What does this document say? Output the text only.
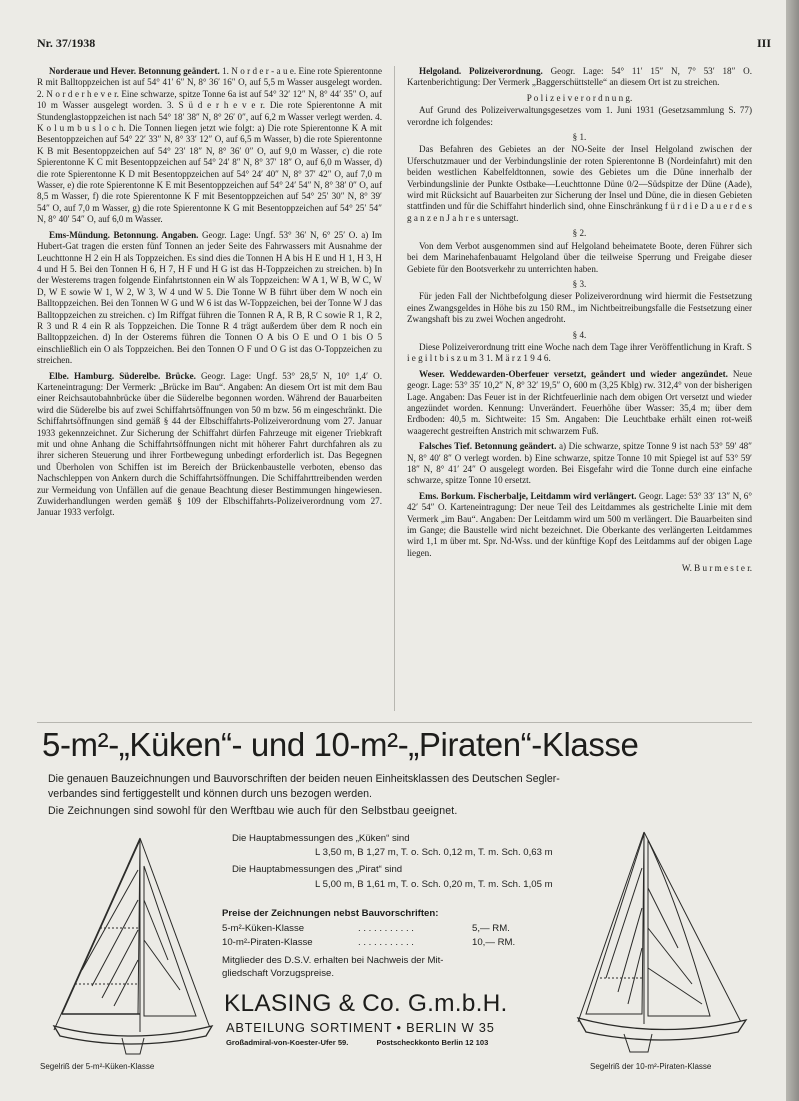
Nr. 37/1938	III

Norderaue und Hever. Betonnung geändert. 1. N o r d e r - a u e. Eine rote Spierentonne R mit Balltoppzeichen ist auf 54° 41′ 6″ N, 8° 36′ 16″ O, auf 5,5 m Wasser ausgelegt worden. 2. N o r d e r h e v e r. Eine schwarze, spitze Tonne 6a ist auf 54° 32′ 12″ N, 8° 44′ 35″ O, auf 10 m Wasser ausgelegt worden. 3. S ü d e r h e v e r. Die rote Spierentonne A mit Stundenglastoppzeichen ist nach 54° 18′ 38″ N, 8° 26′ 0″, auf 6,2 m Wasser verlegt werden. 4. K o l u m b u s l o c h. Die Tonnen liegen jetzt wie folgt: a) Die rote Spierentonne K A mit Besentoppzeichen auf 54° 22′ 33″ N, 8° 33′ 12″ O, auf 6,5 m Wasser, b) die rote Spierentonne K B mit Besentoppzeichen auf 54° 23′ 18″ N, 8° 36′ 0″ O, auf 9,0 m Wasser, c) die rote Spierentonne K C mit Besentoppzeichen auf 54° 24′ 8″ N, 8° 37′ 18″ O, auf 6,0 m Wasser, d) die rote Spierentonne K D mit Besentoppzeichen auf 54° 24′ 40″ N, 8° 37′ 42″ O, auf 7,0 m Wasser, e) die rote Spierentonne K E mit Besentoppzeichen auf 54° 24′ 54″ N, 8° 38′ 0″ O, auf 8,5 m Wasser, f) die rote Spierentonne K F mit Besentoppzeichen auf 54° 25′ 30″ N, 8° 39′ 54″ O, auf 7,0 m Wasser, g) die rote Spierentonne K G mit Besentoppzeichen auf 54° 25′ 54″ N, 8° 40′ 54″ O, auf 6,0 m Wasser.

Ems-Mündung. Betonnung. Angaben. Geogr. Lage: Ungf. 53° 36′ N, 6° 25′ O. a) Im Hubert-Gat tragen die ersten fünf Tonnen an jeder Seite des Fahrwassers mit Ausnahme der Leuchttonne H 2 ein H als Toppzeichen. Es sind dies die Tonnen H A bis H E und H 1, H 3, H 4 und H 5. Bei den Tonnen H 6, H 7, H F und H G ist das H-Toppzeichen zu streichen. b) In der Westerems tragen folgende Einfahrtstonnen ein W als Toppzeichen: W A 1, W B, W C, W D, W E sowie W 1, W 2, W 3, W 4 und W 5. Die Tonne W B führt über dem W noch ein Balltoppzeichen. Bei den Tonnen W G und W 6 ist das W-Toppzeichen, bei der Tonne W J das Balltoppzeichen zu streichen. c) Im Riffgat führen die Tonnen R A, R B, R C sowie R 1, R 2, R 3 und R 4 ein R als Toppzeichen. Die Tonne R 4 trägt außerdem über dem R noch ein Balltoppzeichen. d) In der Osterems führen die Tonnen O A bis O E und O 1 bis O 5 einschließlich ein O als Toppzeichen. Bei den Tonnen O F und O G ist das O-Toppzeichen zu streichen.

Elbe. Hamburg. Süderelbe. Brücke. Geogr. Lage: Ungf. 53° 28,5′ N, 10° 1,4′ O. Karteneintragung: Der Vermerk: „Brücke im Bau“. Angaben: An diesem Ort ist mit dem Bau einer Reichsautobahnbrücke über die Süderelbe begonnen worden. Während der Bauarbeiten wird die Süderelbe bis auf zwei Schiffahrtsöffnungen von 50 m bzw. 56 m eingeschränkt. Die Schiffahrtsöffnungen sind gemäß § 44 der Elbschiffahrts-Polizeiverordnung vom 27. Januar 1933 gekennzeichnet. Zur Sicherung der Schiffahrt dürfen Fahrzeuge mit eigener Triebkraft mit und ohne Anhang die Schiffahrtsöffnungen nicht mit höherer Fahrt durchfahren als zu ihrer sicheren Steuerung und ihrer Fortbewegung unbedingt erforderlich ist. Das Begegnen und Überholen von Schiffen ist im Bereich der Brückenbaustelle verboten, ebenso das Nachschleppen von Ankern durch die Schiffahrtsöffnungen. Die Schiffahrttreibenden werden zur Vermeidung von Unfällen auf die genaue Beachtung dieser Bestimmungen hingewiesen. Zuwiderhandlungen werden gemäß § 109 der Elbschiffahrts-Polizeiverordnung vom 27. Januar 1933 verfolgt.

Helgoland. Polizeiverordnung. Geogr. Lage: 54° 11′ 15″ N, 7° 53′ 18″ O. Kartenberichtigung: Der Vermerk „Baggerschüttstelle“ an diesem Ort ist zu streichen.

P o l i z e i v e r o r d n u n g.

Auf Grund des Polizeiverwaltungsgesetzes vom 1. Juni 1931 (Gesetzsammlung S. 77) verordne ich folgendes:

§ 1.

Das Befahren des Gebietes an der NO-Seite der Insel Helgoland zwischen der Uferschutzmauer und der Verbindungslinie der roten Spierentonne B (Nordeinfahrt) mit den beiden westlichen Kabelfeldtonnen, sowie des Gebietes um die Düne innerhalb der Verbindungslinie der Punkte Ostbake—Leuchttonne Düne 0/2—Südspitze der Düne (Aade), wird mit Rücksicht auf Bauarbeiten zur Sicherung der Insel und Düne, die in diesen Gebieten stattfinden und für die Schiffahrt hinderlich sind, ohne Einschränkung f ü r d i e D a u e r d e s g a n z e n J a h r e s untersagt.

§ 2.

Von dem Verbot ausgenommen sind auf Helgoland beheimatete Boote, deren Führer sich bei dem Marinehafenbauamt Helgoland über die teilweise Sperrung und Freigabe dieser Gebiete für den Bootsverkehr zu unterrichten haben.

§ 3.

Für jeden Fall der Nichtbefolgung dieser Polizeiverordnung wird hiermit die Festsetzung eines Zwangsgeldes in Höhe bis zu 150 RM., im Nichtbeitreibungsfalle die Festsetzung einer Zwangshaft bis zu zwei Wochen angedroht.

§ 4.

Diese Polizeiverordnung tritt eine Woche nach dem Tage ihrer Veröffentlichung in Kraft. S i e g i l t b i s z u m 3 1. M ä r z 1 9 4 6.

Weser. Weddewarden-Oberfeuer versetzt, geändert und wieder angezündet. Neue geogr. Lage: 53° 35′ 10,2″ N, 8° 32′ 19,5″ O, 600 m (3,25 Kblg) rw. 312,4° von der bisherigen Lage. Angaben: Das Feuer ist in der Richtfeuerlinie nach dem obigen Ort versetzt und wieder angezündet worden. Kennung: Unverändert. Feuerhöhe über Wasser: 35,4 m; über dem Erdboden: 40,5 m. Sichtweite: 15 Sm. Angaben: Die Leuchtbake erhält einen rot-weiß waagerecht gestreiften Anstrich mit schwarzem Fuß.

Falsches Tief. Betonnung geändert. a) Die schwarze, spitze Tonne 9 ist nach 53° 59′ 48″ N, 8° 40′ 8″ O verlegt worden. b) Eine schwarze, spitze Tonne 10 mit Spiegel ist auf 53° 59′ 18″ N, 8° 41′ 24″ O ausgelegt worden. Bei Eisgefahr wird die Tonne durch eine einfache schwarze, spitze Tonne 10 ersetzt.

Ems. Borkum. Fischerbalje, Leitdamm wird verlängert. Geogr. Lage: 53° 33′ 13″ N, 6° 42′ 54″ O. Karteneintragung: Der neue Teil des Leitdammes als gestrichelte Linie mit dem Vermerk „im Bau“. Angaben: Der Leitdamm wird um 500 m verlängert. Die Bauarbeiten sind im Gange; die Baustelle wird nicht bezeichnet. Die Oberkante des verlängerten Leitdammes wird 1,1 m über mt. Spr. Nd-Wss. und der künftige Kopf des Leitdamms auf der obigen Lage liegen.

W. B u r m e s t e r.

5-m²-„Küken“- und 10-m²-„Piraten“-Klasse
Die genauen Bauzeichnungen und Bauvorschriften der beiden neuen Einheitsklassen des Deutschen Segler-
verbandes sind fertiggestellt und können durch uns bezogen werden.
Die Zeichnungen sind sowohl für den Werftbau wie auch für den Selbstbau geeignet.
Die Hauptabmessungen des „Küken“ sind
L 3,50 m, B 1,27 m, T. o. Sch. 0,12 m, T. m. Sch. 0,63 m
Die Hauptabmessungen des „Pirat“ sind
L 5,00 m, B 1,61 m, T. o. Sch. 0,20 m, T. m. Sch. 1,05 m
Preise der Zeichnungen nebst Bauvorschriften:
5-m²-Küken-Klasse	. . . . . . . . . . .	5,— RM.
10-m²-Piraten-Klasse	. . . . . . . . . . .	10,— RM.
Mitglieder des D.S.V. erhalten bei Nachweis der Mit-
gliedschaft Vorzugspreise.
KLASING & Co. G.m.b.H.
ABTEILUNG SORTIMENT • BERLIN W 35
Großadmiral-von-Koester-Ufer 59.	Postscheckkonto Berlin 12 103
Segelriß der 5-m²-Küken-Klasse	Segelriß der 10-m²-Piraten-Klasse
